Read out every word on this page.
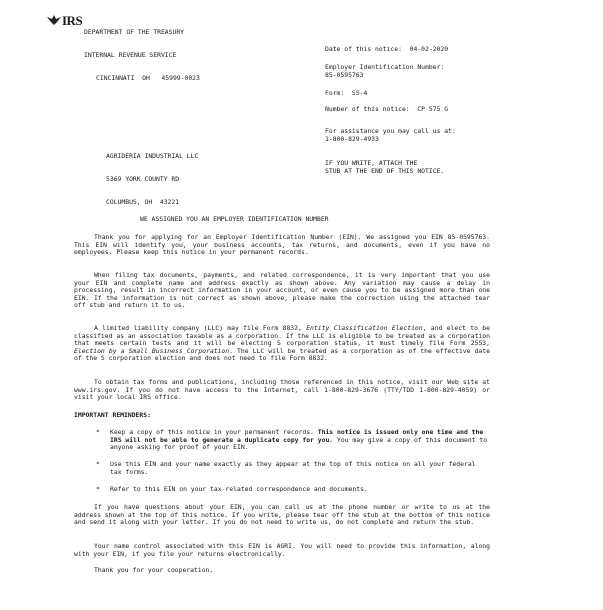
IRS

DEPARTMENT OF THE TREASURY

INTERNAL REVENUE SERVICE

CINCINNATI  OH   45999-0023

Date of this notice:  04-02-2020
Employer Identification Number:
85-0595763
Form:  SS-4
Number of this notice:  CP 575 G
For assistance you may call us at:
1-800-829-4933
IF YOU WRITE, ATTACH THE
STUB AT THE END OF THIS NOTICE.

AGRIDERIA INDUSTRIAL LLC

5369 YORK COUNTY RD

COLUMBUS, OH  43221

WE ASSIGNED YOU AN EMPLOYER IDENTIFICATION NUMBER

Thank you for applying for an Employer Identification Number (EIN). We assigned you EIN 85-0595763. This EIN will identify you, your business accounts, tax returns, and documents, even if you have no employees. Please keep this notice in your permanent records.

When filing tax documents, payments, and related correspondence, it is very important that you use your EIN and complete name and address exactly as shown above. Any variation may cause a delay in processing, result in incorrect information in your account, or even cause you to be assigned more than one EIN. If the information is not correct as shown above, please make the correction using the attached tear off stub and return it to us.

A limited liability company (LLC) may file Form 8832, Entity Classification Election, and elect to be classified as an association taxable as a corporation. If the LLC is eligible to be treated as a corporation that meets certain tests and it will be electing S corporation status, it must timely file Form 2553, Election by a Small Business Corporation. The LLC will be treated as a corporation as of the effective date of the S corporation election and does not need to file Form 8832.

To obtain tax forms and publications, including those referenced in this notice, visit our Web site at www.irs.gov. If you do not have access to the Internet, call 1-800-829-3676 (TTY/TDD 1-800-829-4059) or visit your local IRS office.

IMPORTANT REMINDERS:
* Keep a copy of this notice in your permanent records. This notice is issued only one time and the IRS will not be able to generate a duplicate copy for you. You may give a copy of this document to anyone asking for proof of your EIN.
* Use this EIN and your name exactly as they appear at the top of this notice on all your federal tax forms.
* Refer to this EIN on your tax-related correspondence and documents.

If you have questions about your EIN, you can call us at the phone number or write to us at the address shown at the top of this notice. If you write, please tear off the stub at the bottom of this notice and send it along with your letter. If you do not need to write us, do not complete and return the stub.

Your name control associated with this EIN is AGRI. You will need to provide this information, along with your EIN, if you file your returns electronically.

Thank you for your cooperation.
